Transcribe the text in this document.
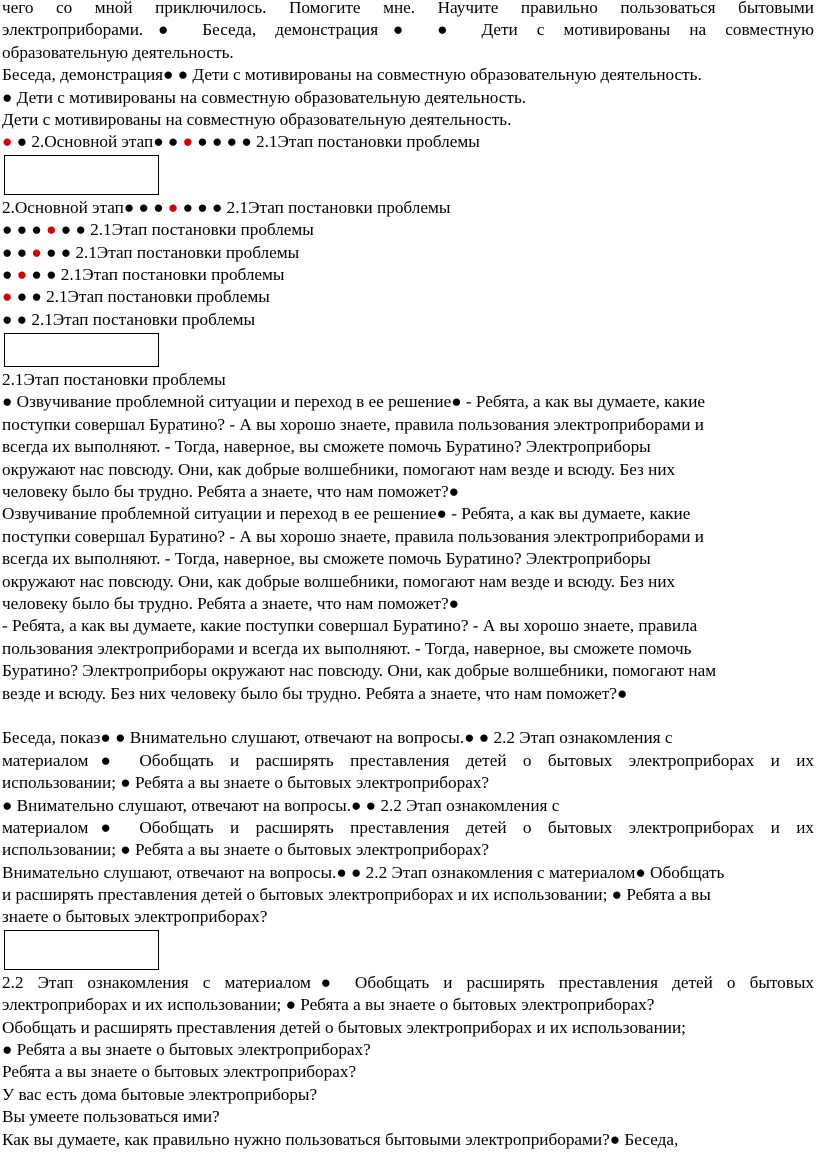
чего со мной приключилось. Помогите мне. Научите правильно пользоваться бытовыми
электроприборами.● Беседа, демонстрация● ● Дети с мотивированы на совместную
образовательную деятельность.
Беседа, демонстрация● ● Дети с мотивированы на совместную образовательную деятельность.
● Дети с мотивированы на совместную образовательную деятельность.
Дети с мотивированы на совместную образовательную деятельность.
● ● 2.Основной этап● ● ● ● ● ● ● 2.1Этап постановки проблемы
2.Основной этап● ● ● ● ● ● ● 2.1Этап постановки проблемы
● ● ● ● ● ● 2.1Этап постановки проблемы
● ● ● ● ● 2.1Этап постановки проблемы
● ● ● ● 2.1Этап постановки проблемы
● ● ● 2.1Этап постановки проблемы
● ● 2.1Этап постановки проблемы
2.1Этап постановки проблемы
● Озвучивание проблемной ситуации и переход в ее решение● - Ребята, а как вы думаете, какие
поступки совершал Буратино? - А вы хорошо знаете, правила пользования электроприборами и
всегда их выполняют. - Тогда, наверное, вы сможете помочь Буратино? Электроприборы
окружают нас повсюду. Они, как добрые волшебники, помогают нам везде и всюду. Без них
человеку было бы трудно. Ребята а знаете, что нам поможет?●
Озвучивание проблемной ситуации и переход в ее решение● - Ребята, а как вы думаете, какие
поступки совершал Буратино? - А вы хорошо знаете, правила пользования электроприборами и
всегда их выполняют. - Тогда, наверное, вы сможете помочь Буратино? Электроприборы
окружают нас повсюду. Они, как добрые волшебники, помогают нам везде и всюду. Без них
человеку было бы трудно. Ребята а знаете, что нам поможет?●
- Ребята, а как вы думаете, какие поступки совершал Буратино? - А вы хорошо знаете, правила
пользования электроприборами и всегда их выполняют. - Тогда, наверное, вы сможете помочь
Буратино? Электроприборы окружают нас повсюду. Они, как добрые волшебники, помогают нам
везде и всюду. Без них человеку было бы трудно. Ребята а знаете, что нам поможет?●
Беседа, показ● ● Внимательно слушают, отвечают на вопросы.● ● 2.2 Этап ознакомления с
материалом● Обобщать и расширять преставления детей о бытовых электроприборах и их
использовании; ● Ребята а вы знаете о бытовых электроприборах?
● Внимательно слушают, отвечают на вопросы.● ● 2.2 Этап ознакомления с
материалом● Обобщать и расширять преставления детей о бытовых электроприборах и их
использовании; ● Ребята а вы знаете о бытовых электроприборах?
Внимательно слушают, отвечают на вопросы.● ● 2.2 Этап ознакомления с материалом● Обобщать
и расширять преставления детей о бытовых электроприборах и их использовании; ● Ребята а вы
знаете о бытовых электроприборах?
2.2 Этап ознакомления с материалом● Обобщать и расширять преставления детей о бытовых
электроприборах и их использовании; ● Ребята а вы знаете о бытовых электроприборах?
Обобщать и расширять преставления детей о бытовых электроприборах и их использовании;
● Ребята а вы знаете о бытовых электроприборах?
Ребята а вы знаете о бытовых электроприборах?
У вас есть дома бытовые электроприборы?
Вы умеете пользоваться ими?
Как вы думаете, как правильно нужно пользоваться бытовыми электроприборами?● Беседа,
